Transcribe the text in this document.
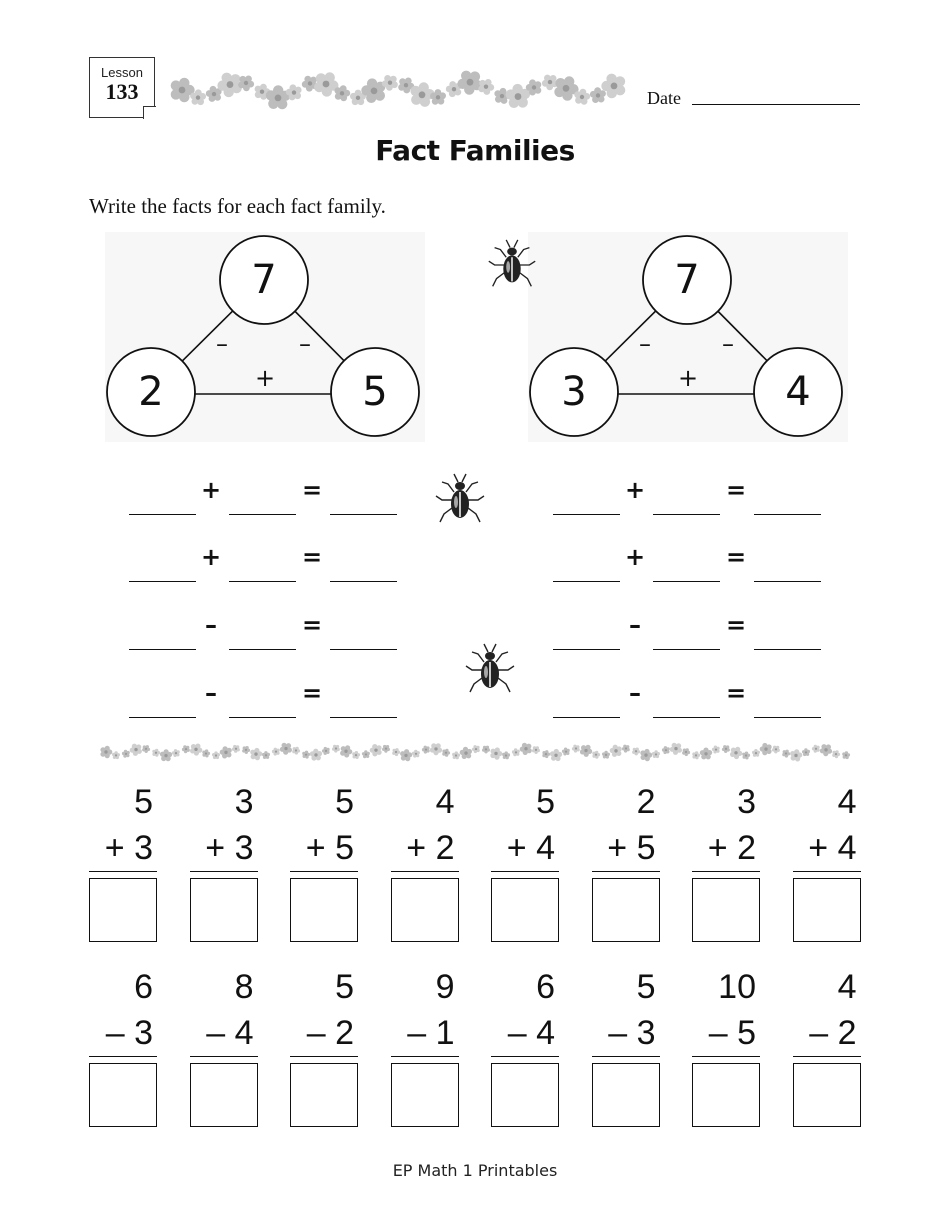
Lesson
133	Date
Fact Families
Write the facts for each fact family.
7
2	5
–	–
+
7
3	4
–	–
+
+	=
+	=
–	=
–	=
+	=
+	=
–	=
–	=
5
+ 3
3
+ 3
5
+ 5
4
+ 2
5
+ 4
2
+ 5
3
+ 2
4
+ 4
6
– 3
8
– 4
5
– 2
9
– 1
6
– 4
5
– 3
10
– 5
4
– 2
EP Math 1 Printables
